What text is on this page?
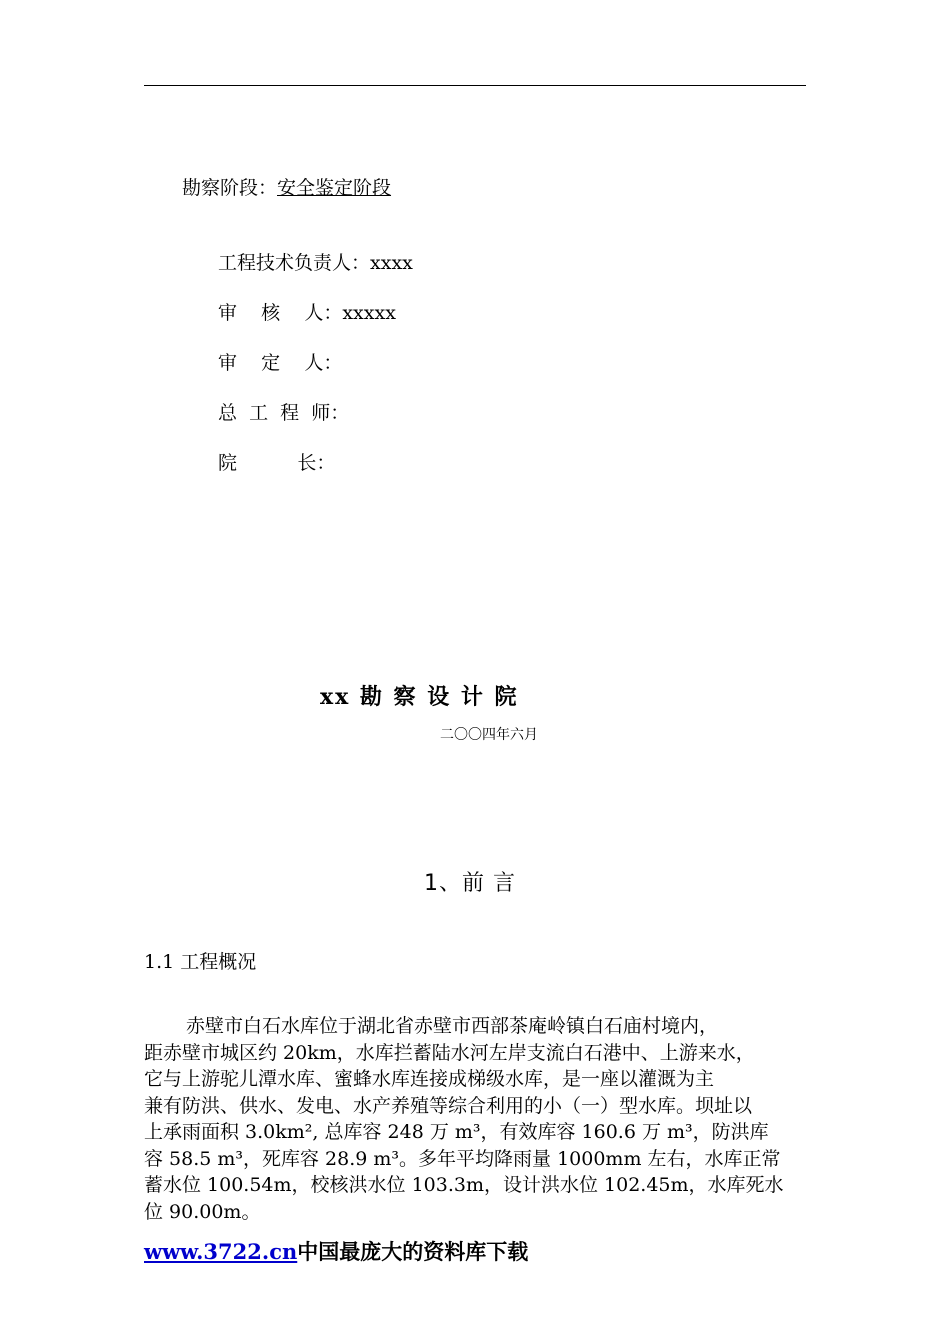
勘察阶段：安全鉴定阶段
工程技术负责人：xxxx
审    核    人：xxxxx
审    定    人：
总  工  程  师：
院          长：
xx 勘 察 设 计 院
二〇〇四年六月
1、前 言
1.1 工程概况
赤壁市白石水库位于湖北省赤壁市西部茶庵岭镇白石庙村境内，
距赤壁市城区约 20km，水库拦蓄陆水河左岸支流白石港中、上游来水，
它与上游驼儿潭水库、蜜蜂水库连接成梯级水库，是一座以灌溉为主
兼有防洪、供水、发电、水产养殖等综合利用的小（一）型水库。坝址以
上承雨面积 3.0km², 总库容 248 万 m³，有效库容 160.6 万 m³，防洪库
容 58.5 m³，死库容 28.9 m³。多年平均降雨量 1000mm 左右，水库正常
蓄水位 100.54m，校核洪水位 103.3m，设计洪水位 102.45m，水库死水
位 90.00m。
www.3722.cn中国最庞大的资料库下载
